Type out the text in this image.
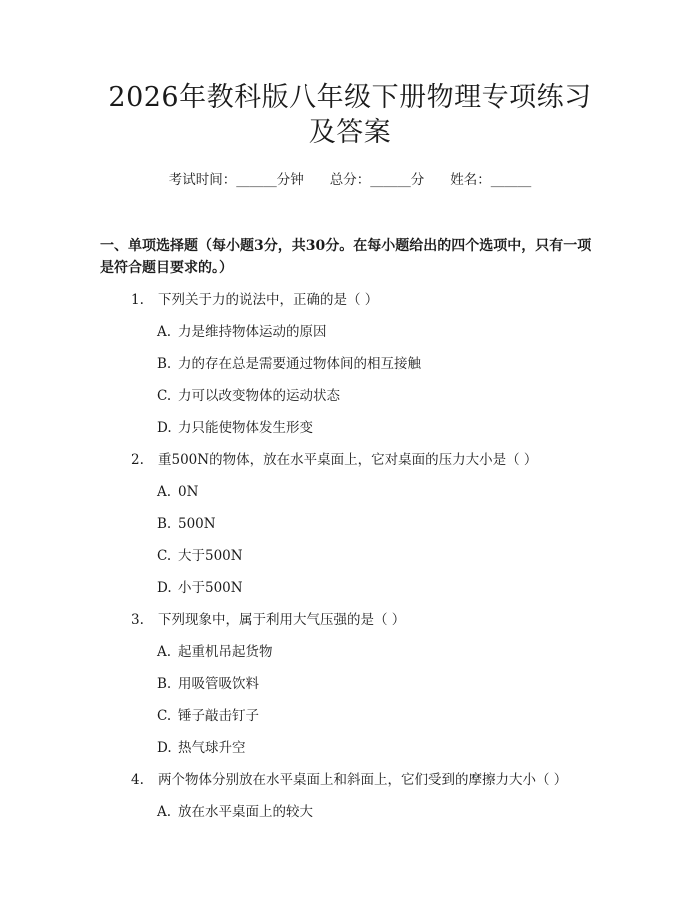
2026年教科版八年级下册物理专项练习及答案
考试时间：______分钟 总分：______分 姓名：______
一、单项选择题（每小题3分，共30分。在每小题给出的四个选项中，只有一项是符合题目要求的。）
1.	下列关于力的说法中，正确的是（ ）
A. 力是维持物体运动的原因
B. 力的存在总是需要通过物体间的相互接触
C. 力可以改变物体的运动状态
D. 力只能使物体发生形变
2.	重500N的物体，放在水平桌面上，它对桌面的压力大小是（ ）
A. 0N
B. 500N
C. 大于500N
D. 小于500N
3.	下列现象中，属于利用大气压强的是（ ）
A. 起重机吊起货物
B. 用吸管吸饮料
C. 锤子敲击钉子
D. 热气球升空
4.	两个物体分别放在水平桌面上和斜面上，它们受到的摩擦力大小（ ）
A. 放在水平桌面上的较大
